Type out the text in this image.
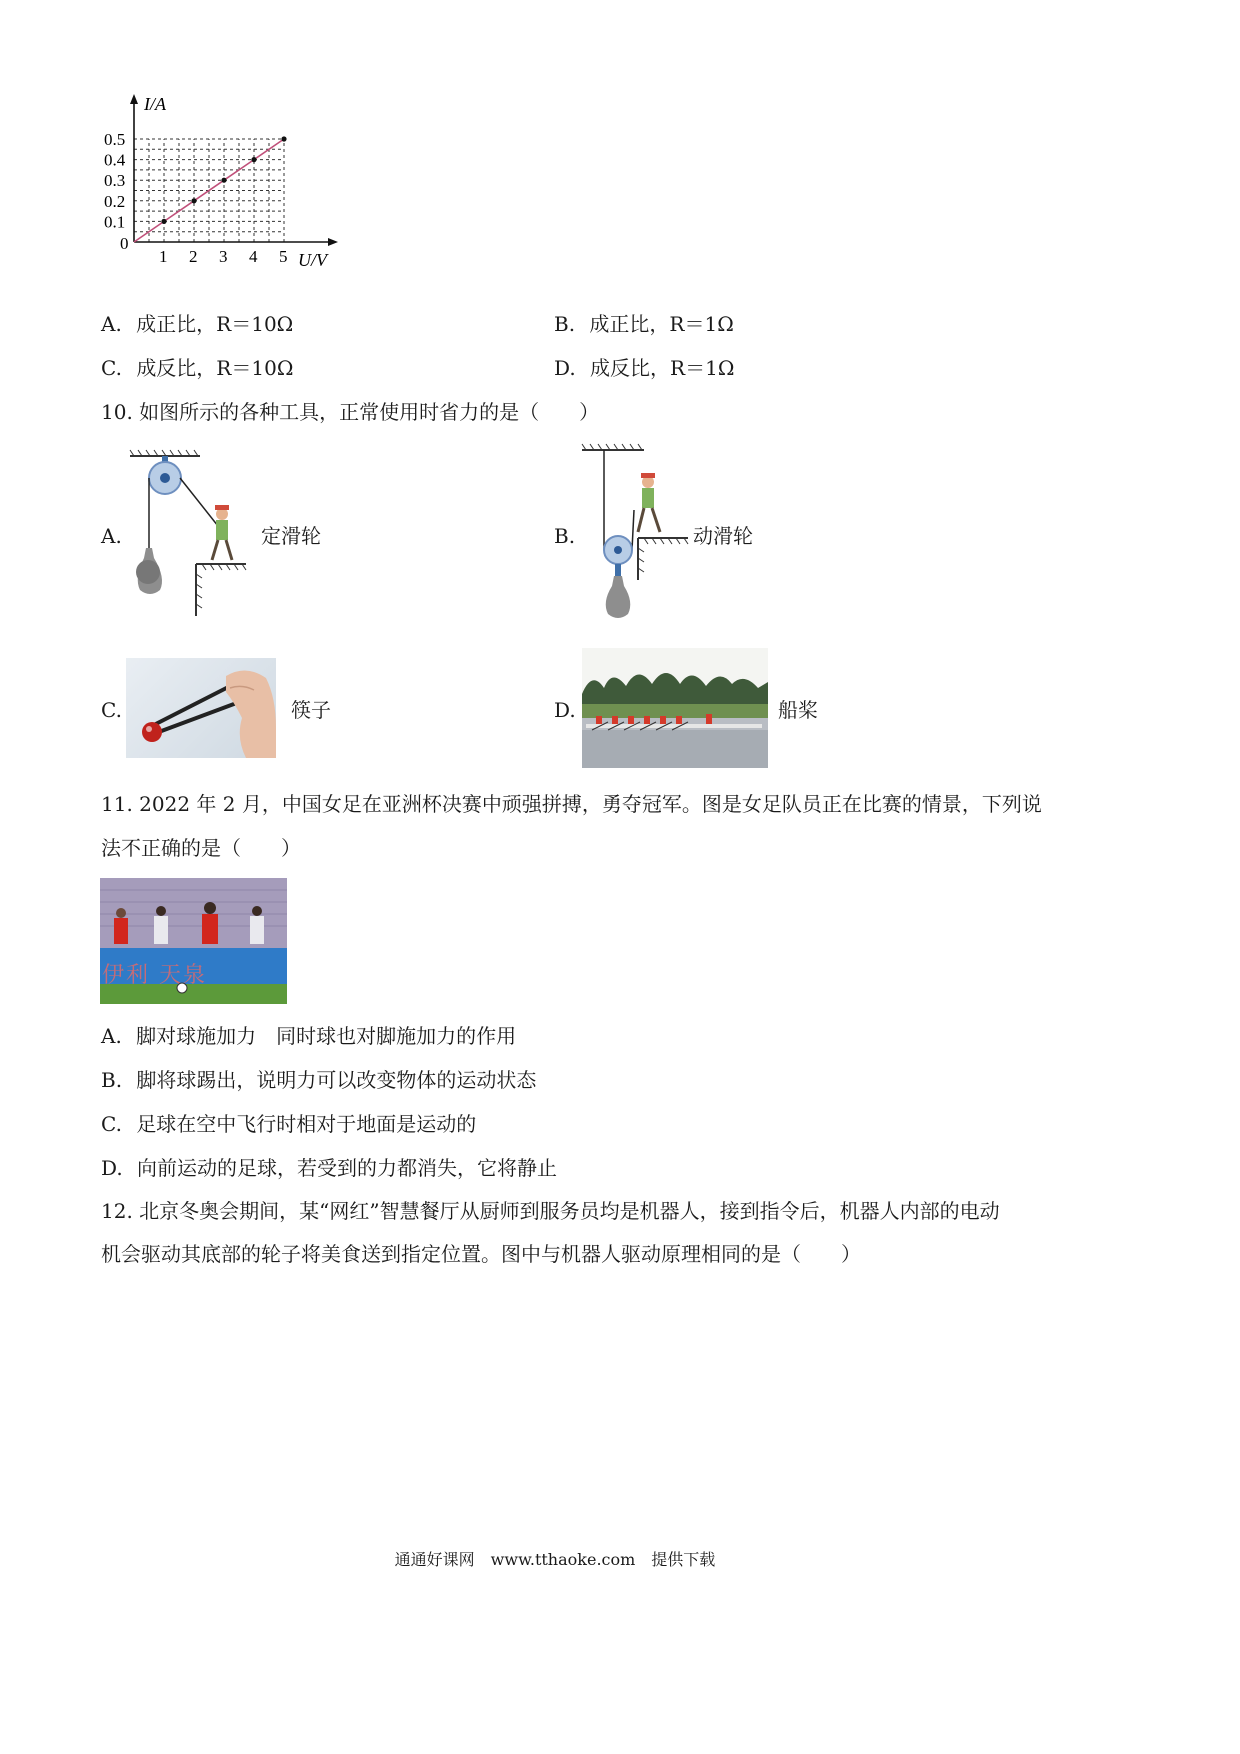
1 2 3 4 5
0.5
0.4
0.3
0.2
0.1
I/A
U/V
0
A. 成正比，R＝10Ω	B. 成正比，R＝1Ω
C. 成反比，R＝10Ω	D. 成反比，R＝1Ω
10. 如图所示的各种工具，正常使用时省力的是（　　）
A.	定滑轮	B.	动滑轮
C.	筷子	D.	船桨
11. 2022 年 2 月，中国女足在亚洲杯决赛中顽强拼搏，勇夺冠军。图是女足队员正在比赛的情景，下列说
法不正确的是（　　）
伊利 天泉
A. 脚对球施加力　同时球也对脚施加力的作用
B. 脚将球踢出，说明力可以改变物体的运动状态
C. 足球在空中飞行时相对于地面是运动的
D. 向前运动的足球，若受到的力都消失，它将静止
12. 北京冬奥会期间，某“网红”智慧餐厅从厨师到服务员均是机器人，接到指令后，机器人内部的电动
机会驱动其底部的轮子将美食送到指定位置。图中与机器人驱动原理相同的是（　　）
通通好课网　www.tthaoke.com　提供下载
